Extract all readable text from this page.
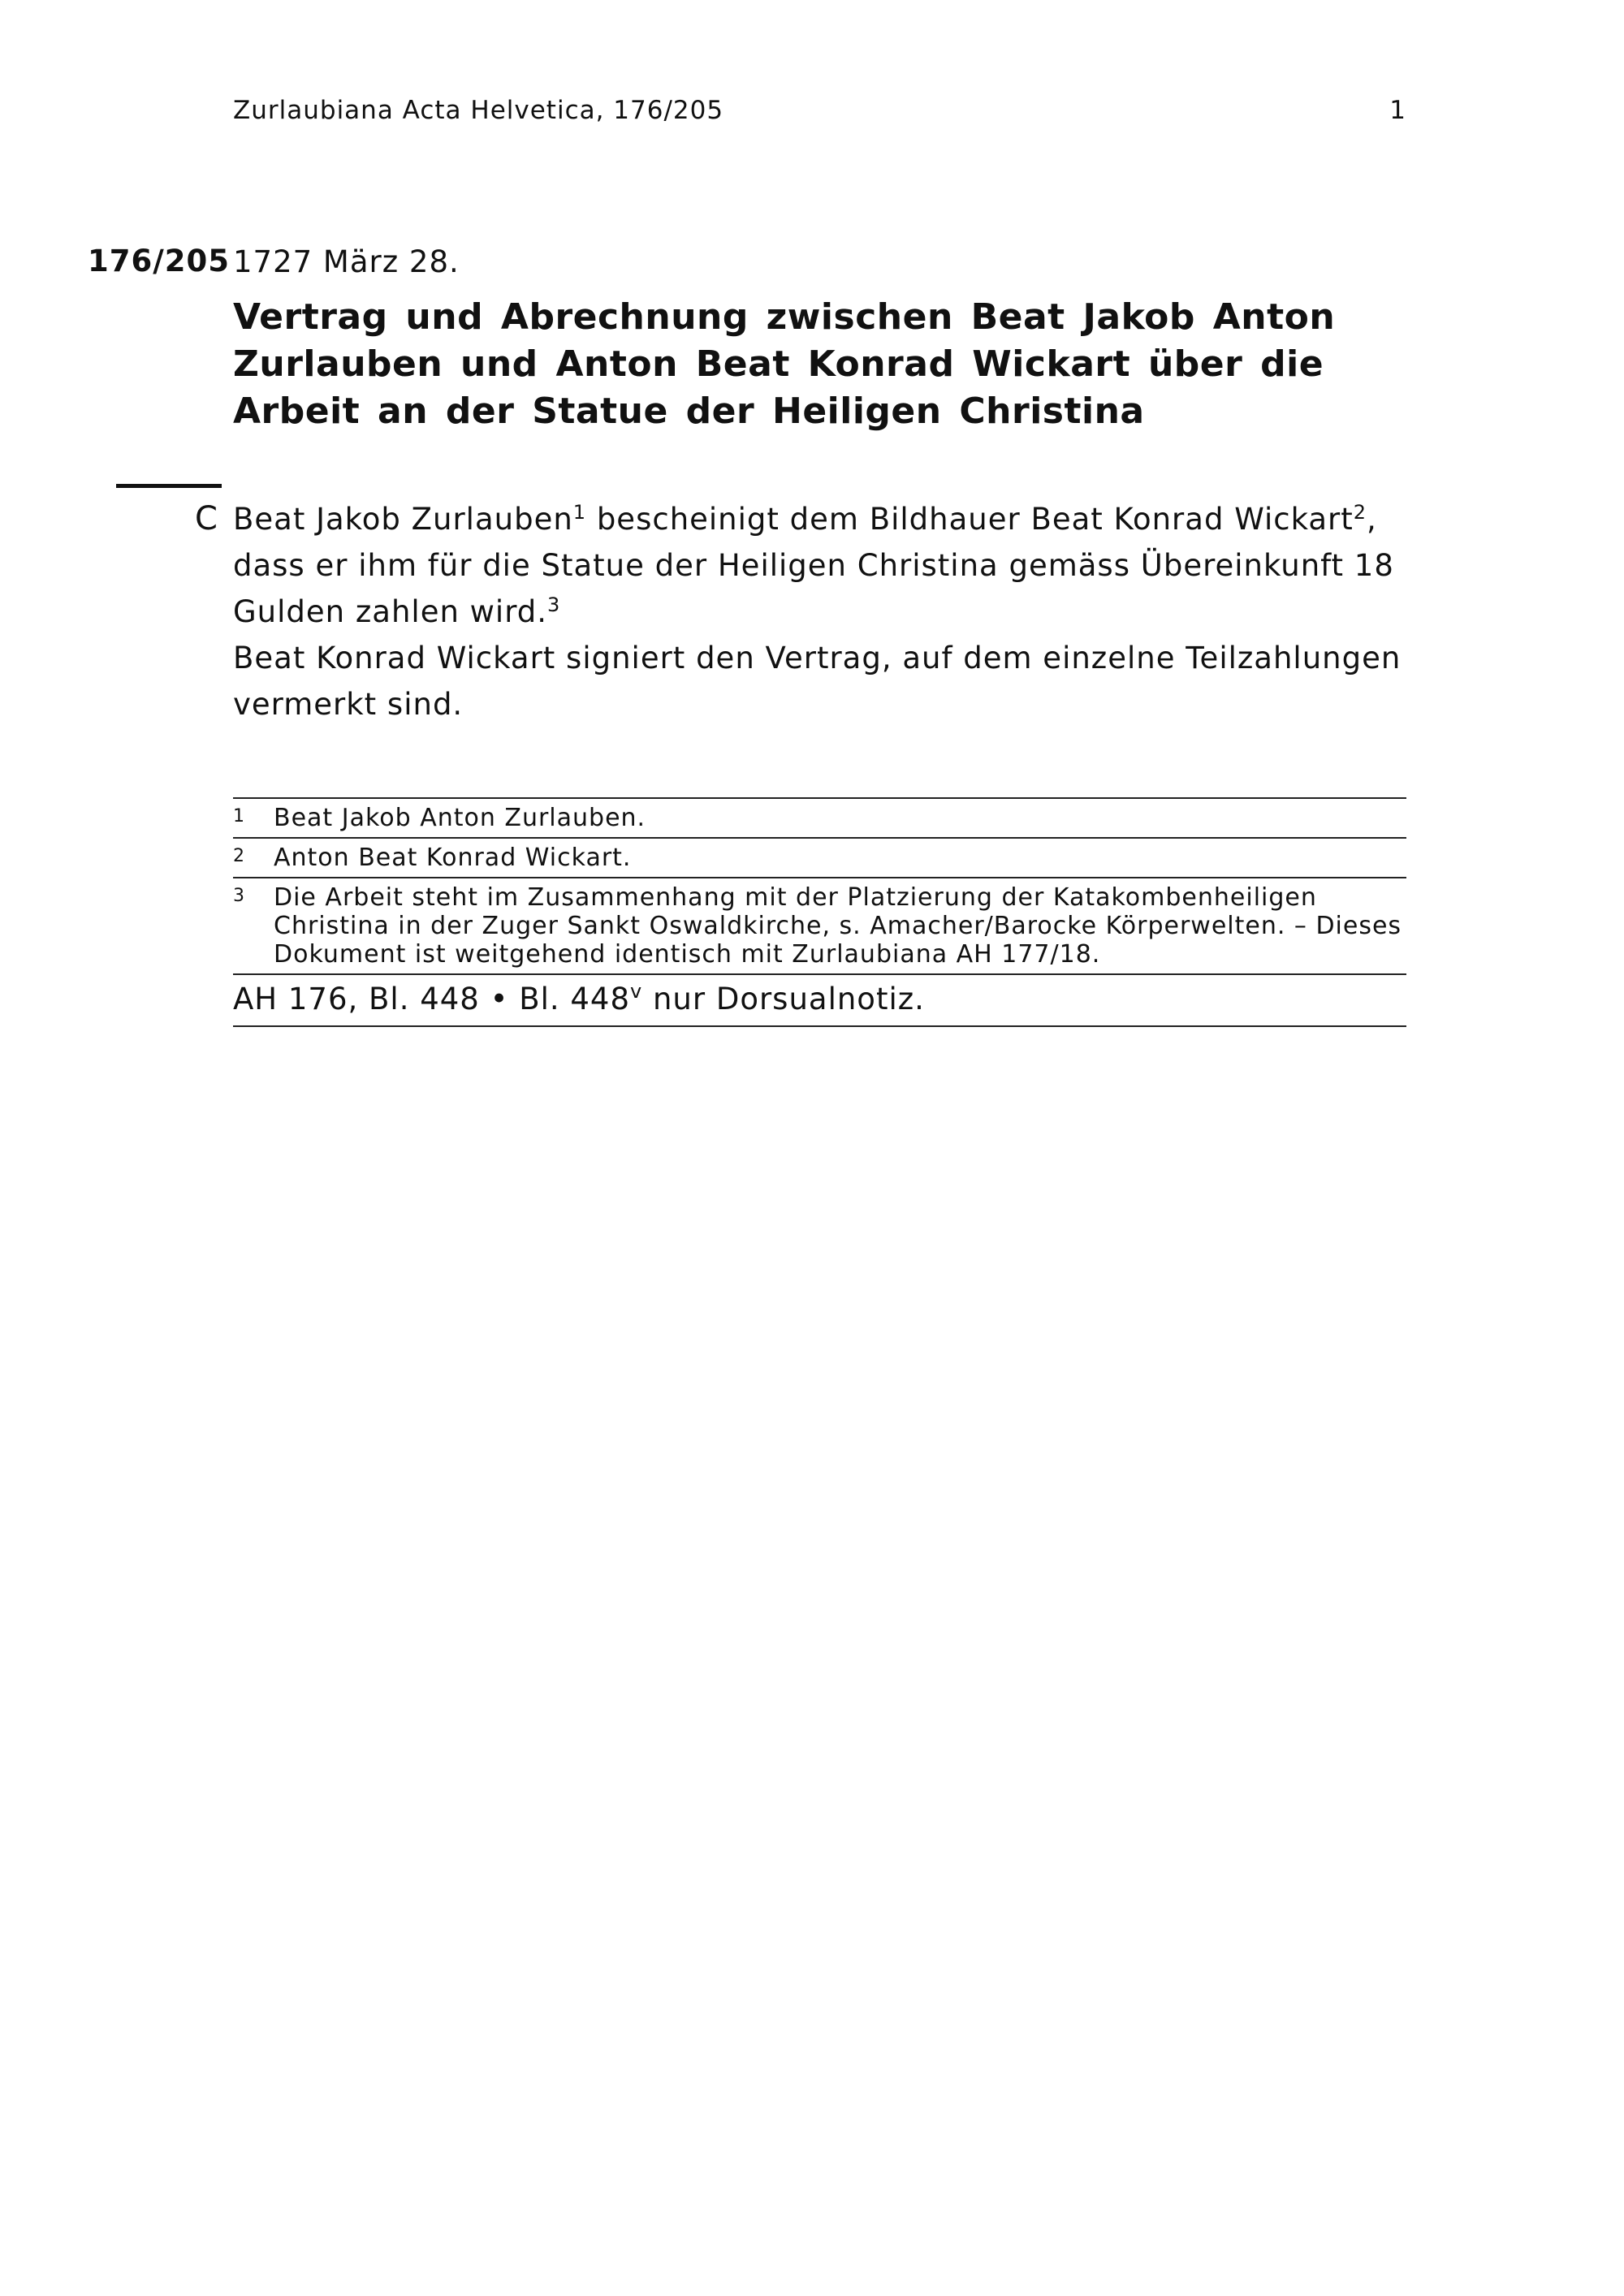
Zurlaubiana Acta Helvetica, 176/205	1
176/205 1727 März 28.
Vertrag und Abrechnung zwischen Beat Jakob Anton Zurlauben und Anton Beat Konrad Wickart über die Arbeit an der Statue der Heiligen Christina
C Beat Jakob Zurlauben$^1$ bescheinigt dem Bildhauer Beat Konrad Wickart$^2$, dass er ihm für die Statue der Heiligen Christina gemäss Übereinkunft 18 Gulden zahlen wird.$^3$

Beat Konrad Wickart signiert den Vertrag, auf dem einzelne Teilzahlungen vermerkt sind.

1 Beat Jakob Anton Zurlauben.
2 Anton Beat Konrad Wickart.
3 Die Arbeit steht im Zusammenhang mit der Platzierung der Katakombenheiligen Christina in der Zuger Sankt Oswaldkirche, s. Amacher/Barocke Körperwelten. – Dieses Dokument ist weitgehend identisch mit Zurlaubiana AH 177/18.
AH 176, Bl. 448 • Bl. 448$^v$ nur Dorsualnotiz.
